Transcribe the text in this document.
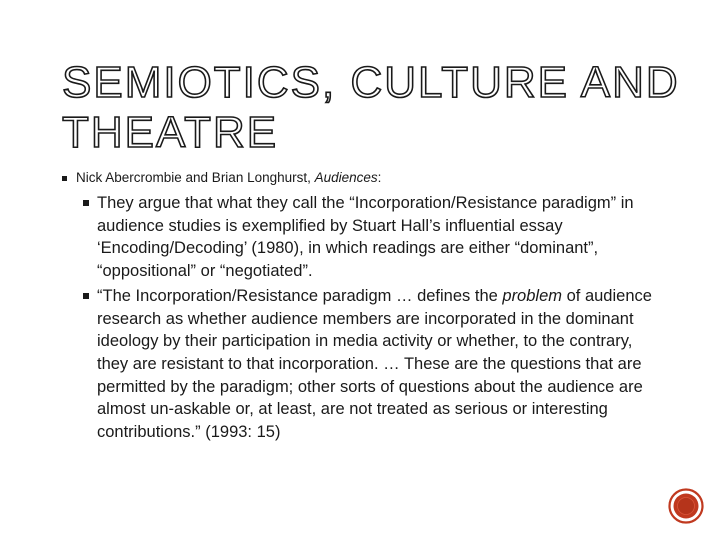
SEMIOTICS, CULTURE AND
THEATRE
Nick Abercrombie and Brian Longhurst, Audiences:
They argue that what they call the “Incorporation/Resistance paradigm” in audience studies is exemplified by Stuart Hall’s influential essay ‘Encoding/Decoding’ (1980), in which readings are either “dominant”, “oppositional” or “negotiated”.
“The Incorporation/Resistance paradigm … defines the problem of audience research as whether audience members are incorporated in the dominant ideology by their participation in media activity or whether, to the contrary, they are resistant to that incorporation. … These are the questions that are permitted by the paradigm; other sorts of questions about the audience are almost un-askable or, at least, are not treated as serious or interesting contributions.” (1993: 15)
